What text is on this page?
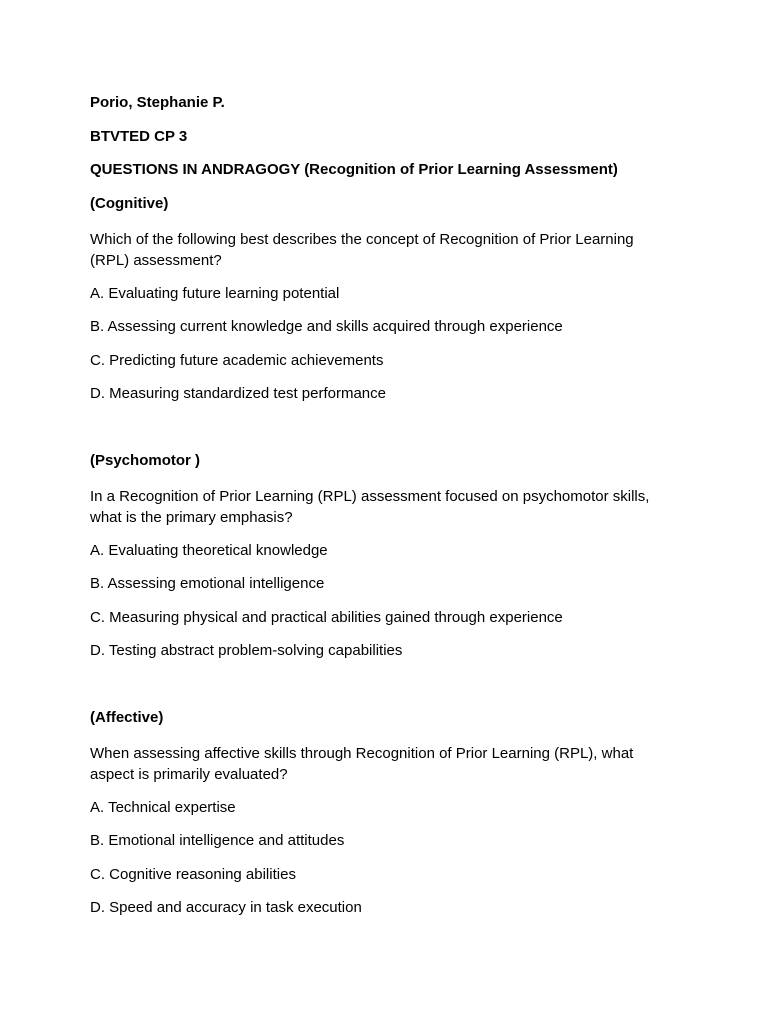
Porio, Stephanie P.

BTVTED CP 3

QUESTIONS IN ANDRAGOGY (Recognition of Prior Learning Assessment)

(Cognitive)

Which of the following best describes the concept of Recognition of Prior Learning (RPL) assessment?

A. Evaluating future learning potential

B. Assessing current knowledge and skills acquired through experience

C. Predicting future academic achievements

D. Measuring standardized test performance

(Psychomotor )

In a Recognition of Prior Learning (RPL) assessment focused on psychomotor skills, what is the primary emphasis?

A. Evaluating theoretical knowledge

B. Assessing emotional intelligence

C. Measuring physical and practical abilities gained through experience

D. Testing abstract problem-solving capabilities

(Affective)

When assessing affective skills through Recognition of Prior Learning (RPL), what aspect is primarily evaluated?

A. Technical expertise

B. Emotional intelligence and attitudes

C. Cognitive reasoning abilities

D. Speed and accuracy in task execution
